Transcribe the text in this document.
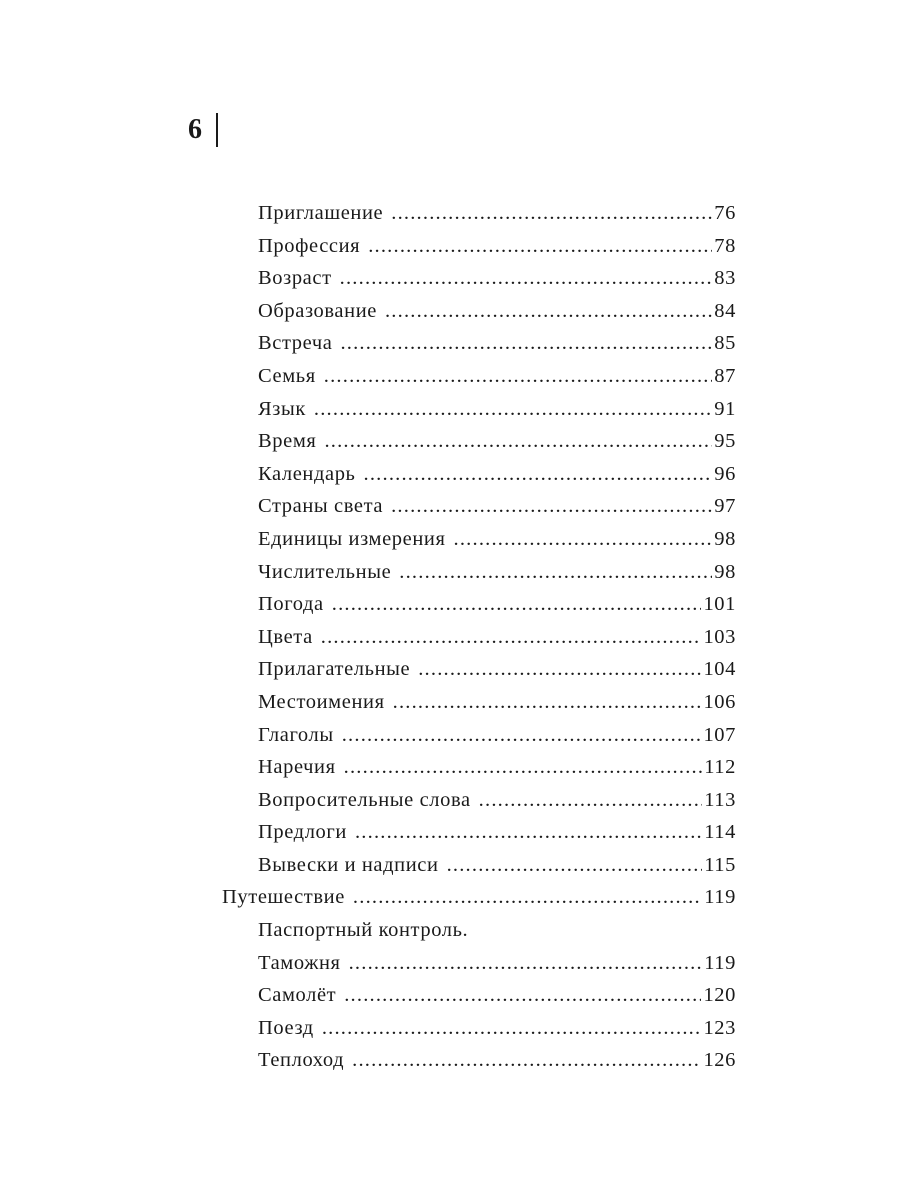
6
Приглашение .....	76
Профессия .....	78
Возраст .....	83
Образование .....	84
Встреча .....	85
Семья .....	87
Язык .....	91
Время .....	95
Календарь .....	96
Страны света .....	97
Единицы измерения .....	98
Числительные .....	98
Погода .....	101
Цвета .....	103
Прилагательные .....	104
Местоимения .....	106
Глаголы .....	107
Наречия .....	112
Вопросительные слова .....	113
Предлоги .....	114
Вывески и надписи .....	115
Путешествие .....	119
Паспортный контроль.
Таможня .....	119
Самолёт .....	120
Поезд .....	123
Теплоход .....	126
